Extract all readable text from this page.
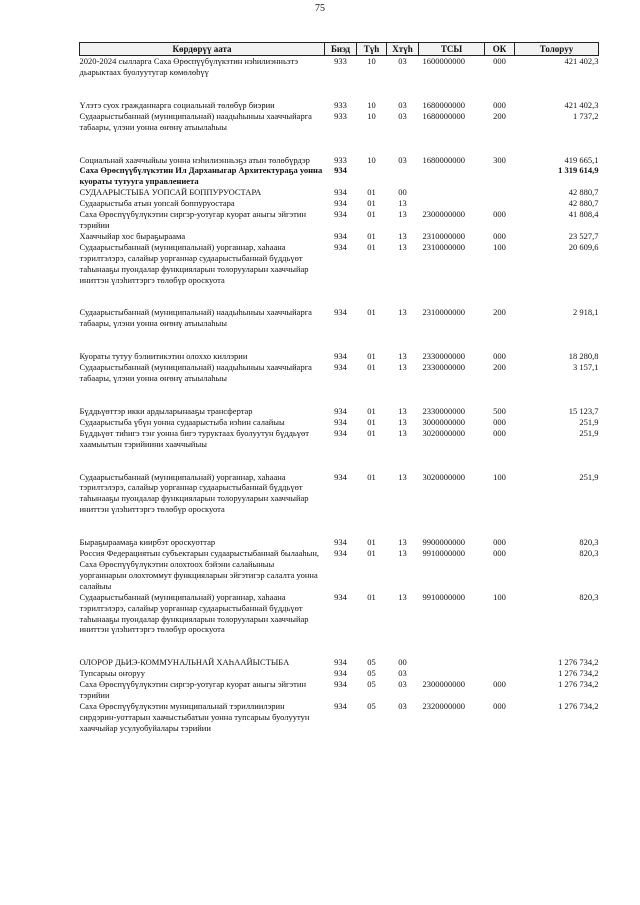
75
Көрдөрүү аата	Биэд	Түһ	Хтүһ	ТСЫ	ОК	Толоруу
2020-2024 сылларга Саха Өрөспүүбүлүкэтин нэһилиэнньэтэ дьарыктаах буолуутугар көмөлөһүү	933	10	03	1600000000	000	421 402,3

Үлэтэ суох гражданнарга социальнай төлөбүр биэрии	933	10	03	1680000000	000	421 402,3
Судаарыстыбаннай (муниципальнай) наадыһыныы хааччыйарга табаары, үлэни уонна өҥөнү атыылаһыы	933	10	03	1680000000	200	1 737,2

Социальнай хааччыйыы уонна нэһилиэнньэҕэ атын төлөбүрдэр	933	10	03	1680000000	300	419 665,1
Саха Өрөспүүбүлүкэтин Ил Дарханыгар Архитектураҕа уонна куораты тутууга управлениета	934					1 319 614,9
СУДААРЫСТЫБА УОПСАЙ БОППУРУОСТАРА	934	01	00			42 880,7
Судаарыстыба атын уопсай боппуруостара	934	01	13			42 880,7
Саха Өрөспүүбүлүкэтин сиргэр-уотугар куорат аныгы эйгэтин тэрийии	934	01	13	2300000000	000	41 808,4
Хааччыйар хос быраҕыраама	934	01	13	2310000000	000	23 527,7
Судаарыстыбаннай (муниципальнай) уорганнар, хаһаана тэрилтэлэрэ, салайыр уорганнар судаарыстыбаннай бүддьүөт таһынааҕы пуондалар функцияларын толорууларын хааччыйар иниттэн үлэһиттэргэ төлөбүр ороскуота	934	01	13	2310000000	100	20 609,6

Судаарыстыбаннай (муниципальнай) наадыһыныы хааччыйарга табаары, үлэни уонна өҥөнү атыылаһыы	934	01	13	2310000000	200	2 918,1

Куораты тутуу бэлиитикэтин олоххо киллэрии	934	01	13	2330000000	000	18 280,8
Судаарыстыбаннай (муниципальнай) наадыһыныы хааччыйарга табаары, үлэни уонна өҥөнү атыылаһыы	934	01	13	2330000000	200	3 157,1

Бүддьүөттэр икки ардыларынааҕы трансфертар	934	01	13	2330000000	500	15 123,7
Судаарыстыба үбүн уонна судаарыстыба иэһин салайыы	934	01	13	3000000000	000	251,9
Бүддьүөт тиһигэ тэҥ уонна бигэ туруктаах буолуутун бүддьүөт хаамыытын тэрийиини хааччыйыы	934	01	13	3020000000	000	251,9

Судаарыстыбаннай (муниципальнай) уорганнар, хаһаана тэрилтэлэрэ, салайыр уорганнар судаарыстыбаннай бүддьүөт таһынааҕы пуондалар функцияларын толорууларын хааччыйар иниттэн үлэһиттэргэ төлөбүр ороскуота	934	01	13	3020000000	100	251,9

Быраҕыраамаҕа киирбэт ороскуоттар	934	01	13	9900000000	000	820,3
Россия Федерациятын субъектарын судаарыстыбаннай былааһын, Саха Өрөспүүбүлүкэтин олохтоох бэйэни салайыныы уорганнарын олохтоммут функцияларын эйгэтигэр салалта уонна салайыы	934	01	13	9910000000	000	820,3
Судаарыстыбаннай (муниципальнай) уорганнар, хаһаана тэрилтэлэрэ, салайыр уорганнар судаарыстыбаннай бүддьүөт таһынааҕы пуондалар функцияларын толорууларын хааччыйар иниттэн үлэһиттэргэ төлөбүр ороскуота	934	01	13	9910000000	100	820,3

ОЛОРОР ДЬИЭ-КОММУНАЛЬНАЙ ХАҺААЙЫСТЫБА	934	05	00			1 276 734,2
Тупсарыы оҥоруу	934	05	03			1 276 734,2
Саха Өрөспүүбүлүкэтин сиргэр-уотугар куорат аныгы эйгэтин тэрийии	934	05	03	2300000000	000	1 276 734,2
Саха Өрөспүүбүлүкэтин муниципальнай тэриллиилэрин сирдэрин-уоттарын хаачыстыбатын уонна тупсарыы буолуутун хааччыйар усулуобуйалары тэрийии	934	05	03	2320000000	000	1 276 734,2
